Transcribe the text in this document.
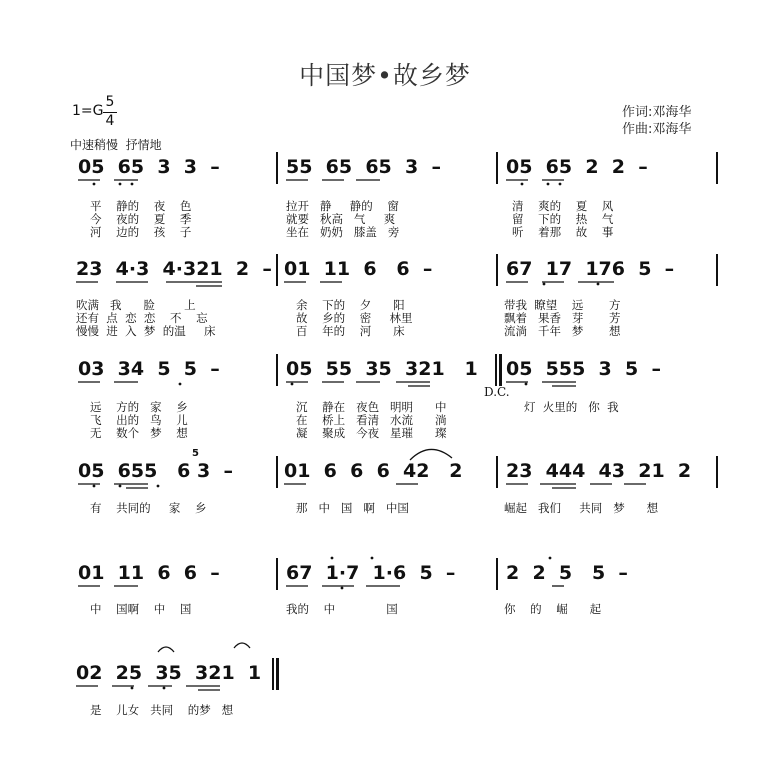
中国梦•故乡梦
1=G
5
4
作词:邓海华
作曲:邓海华
中速稍慢  抒情地
05  65  3  3  –	55  65  65  3  –	05  65  2  2  –
平    静的    夜    色
今    夜的    夏    季
河    边的    孩    子
拉开   静     静的    窗
就要   秋高   气     爽
坐在   奶奶   膝盖   旁
清    爽的    夏    风
留    下的    热    气
听    着那    故    事
23  4·3  4·321  2  – 01  11  6   6  –	67  17  176  5  –
吹满   我      脸        上
还有  点  恋  恋    不    忘
慢慢  进  入  梦  的温     床
余    下的    夕      阳
故    乡的    密     林里
百    年的    河      床
带我  瞭望    远       方
飘着   果香   芽       芳
流淌   千年   梦       想
03  34  5  5  –	05  55  35  321   1 05  555  3  5  –
D.C.
远    方的   家    乡
飞    出的   鸟    儿
无    数个   梦    想
沉    静在   夜色   明明      中
在    桥上   看清   水流      淌
凝    聚成   今夜   星璀      璨
灯  火里的   你  我
5
05  655   6 3  –	01  6  6  6  42   2 23  444  43  21  2
有    共同的     家    乡	那   中   国   啊   中国	崛起   我们     共同   梦      想
01  11  6  6  –	67  1·7  1·6  5  –	2  2  5   5  –
中    国啊    中    国	我的    中              国	你    的    崛      起
02  25  35  321  1
是    儿女   共同    的梦   想
